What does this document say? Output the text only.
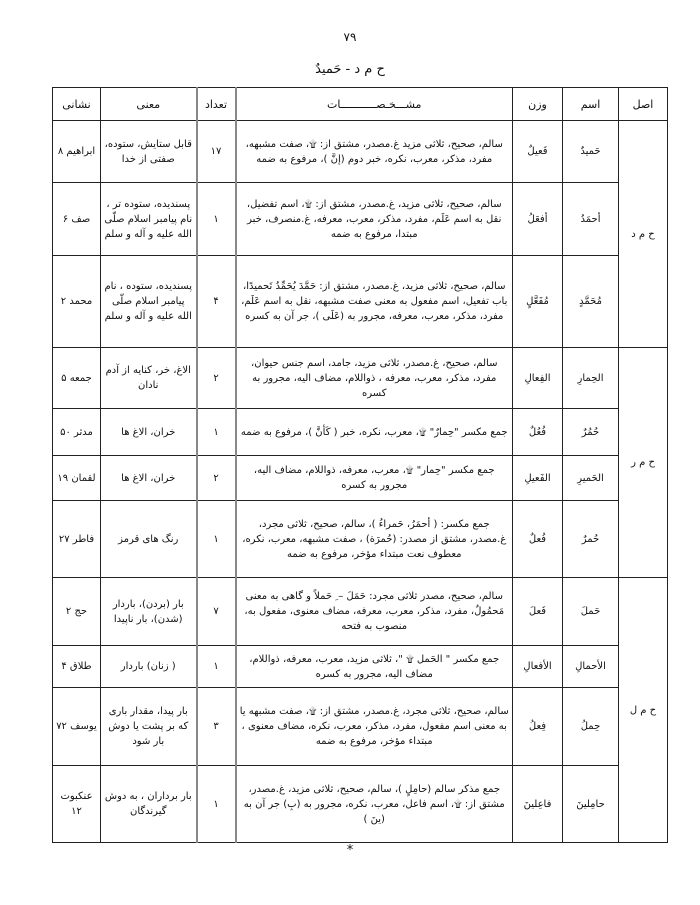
۷۹
ح م د - حَمیدٌ
اصل	اسم	وزن	مشـــخـصـــــــــــات	تعداد	معنی	نشانی
ح م د	حَمیدٌ	فَعیلٌ	سالم، صحیح، ثلاثی مزید غ.مصدر، مشتق از: ۩، صفت مشبهه، مفرد، مذکر، معرب، نکره، خبر دوم (إنَّ )، مرفوع به ضمه	۱۷	قابل ستایش، ستوده، صفتی از خدا	ابراهیم ۸
	أحمَدُ	أفعَلُ	سالم، صحیح، ثلاثی مزید، غ.مصدر، مشتق از: ۩، اسم تفضیل، نقل به اسم عَلَم، مفرد، مذکر، معرب، معرفه، غ.منصرف، خبر مبتدا، مرفوع به ضمه	۱	پسندیده، ستوده تر ، نام پیامبر اسلام صلّی الله علیه و آله و سلم	صف ۶
	مُحَمَّدٍ	مُفَعَّلٍ	سالم، صحیح، ثلاثی مزید، غ.مصدر، مشتق از: حَمَّدَ یُحَمِّدُ تَحمیدًا، باب تفعیل، اسم مفعول به معنی صفت مشبهه، نقل به اسم عَلَم، مفرد، مذکر، معرب، معرفه، مجرور به (عَلَی )، جر آن به کسره	۴	پسندیده، ستوده ، نام پیامبر اسلام صلّی الله علیه و آله و سلم	محمد ۲
ح م ر	الحِمارِ	الفِعالِ	سالم، صحیح، غ.مصدر، ثلاثی مزید، جامد، اسم جنس حیوان، مفرد، مذکر، معرب، معرفه ، ذواللام، مضاف الیه، مجرور به کسره	۲	الاغ، خر، کنایه از آدم نادان	جمعه ۵
	حُمُرٌ	فُعُلٌ	جمع مکسر "حِمارٌ" ۩، معرب، نکره، خبر ( كَأنَّ )، مرفوع به ضمه	۱	خران، الاغ ها	مدثر ۵۰
	الحَمیرِ	الفَعیلِ	جمع مکسر "حِمار" ۩، معرب، معرفه، ذواللام، مضاف الیه، مجرور به کسره	۲	خران، الاغ ها	لقمان ۱۹
	حُمرٌ	فُعلٌ	جمع مکسر: ( أحمَرُ، حَمراءُ )، سالم، صحیح، ثلاثی مجرد، غ.مصدر، مشتق از مصدر: (حُمرَة) ، صفت مشبهه، معرب، نکره، معطوف نعت مبتداء مؤخر، مرفوع به ضمه	۱	رنگ های قرمز	فاطر ۲۷
ح م ل	حَملَ	فَعلَ	سالم، صحیح، مصدر ثلاثی مجرد: حَمَلَ – ِ حَملاً و گاهی به معنی مَحمُولٌ، مفرد، مذکر، معرب، معرفه، مضاف معنوی، مفعول به، منصوب به فتحه	۷	بار (بردن)، باردار (شدن)، بار ناپیدا	حج ۲
	الأحمالِ	الأفعالِ	جمع مکسر " الحَمل ۩ "، ثلاثی مزید، معرب، معرفه، ذواللام، مضاف الیه، مجرور به کسره	۱	( زنان) باردار	طلاق ۴
	حِملُ	فِعلُ	سالم، صحیح، ثلاثی مجرد، غ.مصدر، مشتق از: ۩، صفت مشبهه یا به معنی اسم مفعول، مفرد، مذکر، معرب، نکره، مضاف معنوی ، مبتداء مؤخر، مرفوع به ضمه	۳	بار پیدا، مقدار باری که بر پشت یا دوش بار شود	یوسف ۷۲
	حامِلینَ	فاعِلینَ	جمع مذکر سالم (حامِلٍ )، سالم، صحیح، ثلاثی مزید، غ.مصدر، مشتق از: ۩، اسم فاعل، معرب، نکره، مجرور به (بِ) جر آن به (ینَ )	۱	بار برداران ، به دوش گیرندگان	عنکبوت ۱۲
*
